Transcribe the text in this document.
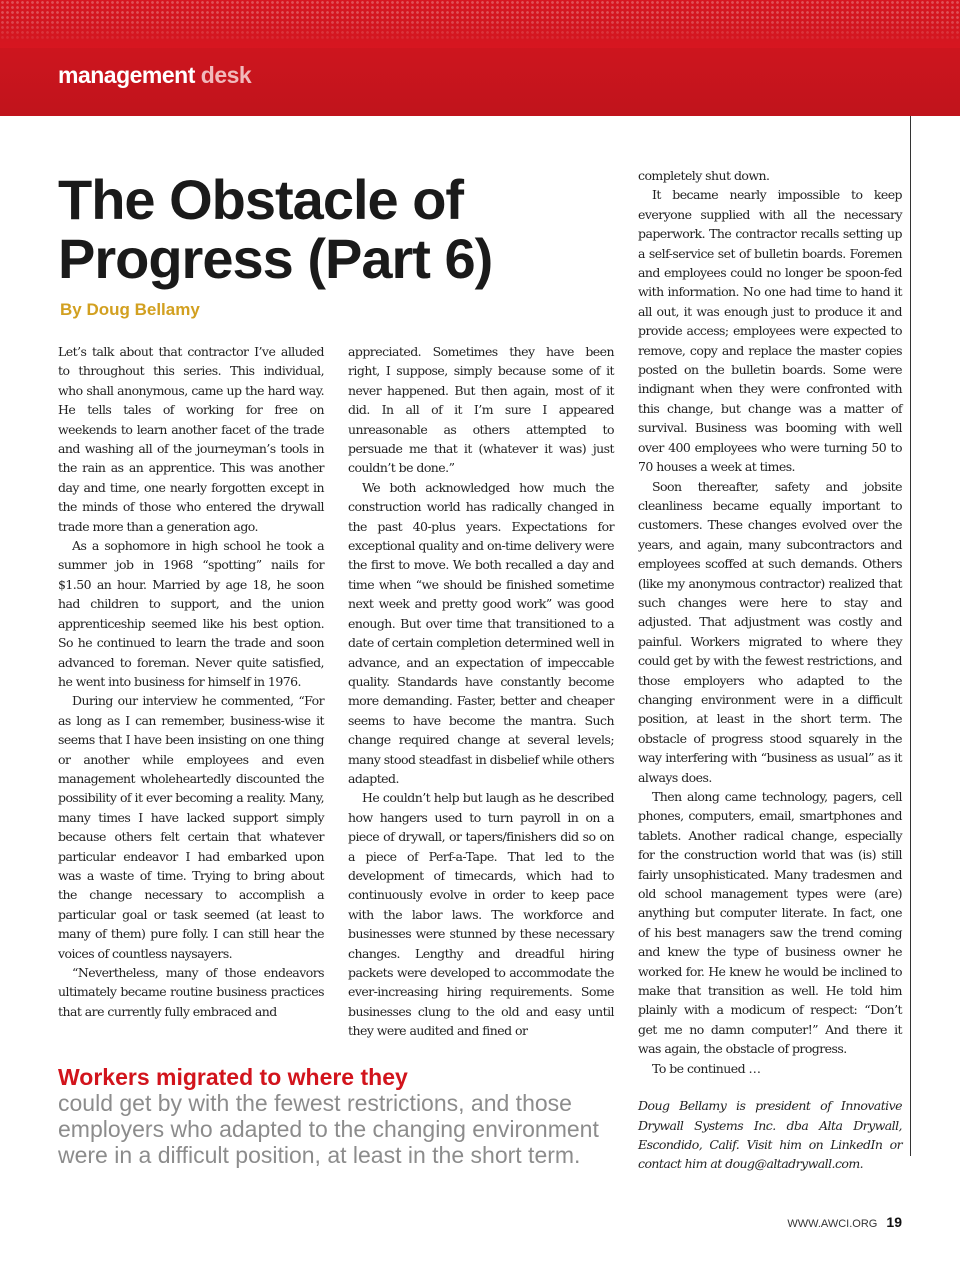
management desk
The Obstacle of Progress (Part 6)
By Doug Bellamy

Let’s talk about that contractor I’ve alluded to throughout this series. This individual, who shall anonymous, came up the hard way. He tells tales of working for free on weekends to learn another facet of the trade and washing all of the journeyman’s tools in the rain as an apprentice. This was another day and time, one nearly forgotten except in the minds of those who entered the drywall trade more than a generation ago.

As a sophomore in high school he took a summer job in 1968 “spotting” nails for $1.50 an hour. Married by age 18, he soon had children to support, and the union apprenticeship seemed like his best option. So he continued to learn the trade and soon advanced to foreman. Never quite satisfied, he went into business for himself in 1976.

During our interview he commented, “For as long as I can remember, business-wise it seems that I have been insisting on one thing or another while employees and even management wholeheartedly discounted the possibility of it ever becoming a reality. Many, many times I have lacked support simply because others felt certain that whatever particular endeavor I had embarked upon was a waste of time. Trying to bring about the change necessary to accomplish a particular goal or task seemed (at least to many of them) pure folly. I can still hear the voices of countless naysayers.

“Nevertheless, many of those endeavors ultimately became routine business practices that are currently fully embraced and

appreciated. Sometimes they have been right, I suppose, simply because some of it never happened. But then again, most of it did. In all of it I’m sure I appeared unreasonable as others attempted to persuade me that it (whatever it was) just couldn’t be done.”

We both acknowledged how much the construction world has radically changed in the past 40-plus years. Expectations for exceptional quality and on-time delivery were the first to move. We both recalled a day and time when “we should be finished sometime next week and pretty good work” was good enough. But over time that transitioned to a date of certain completion determined well in advance, and an expectation of impeccable quality. Standards have constantly become more demanding. Faster, better and cheaper seems to have become the mantra. Such change required change at several levels; many stood steadfast in disbelief while others adapted.

He couldn’t help but laugh as he described how hangers used to turn payroll in on a piece of drywall, or tapers/finishers did so on a piece of Perf-a-Tape. That led to the development of timecards, which had to continuously evolve in order to keep pace with the labor laws. The workforce and businesses were stunned by these necessary changes. Lengthy and dreadful hiring packets were developed to accommodate the ever-increasing hiring requirements. Some businesses clung to the old and easy until they were audited and fined or

completely shut down.

It became nearly impossible to keep everyone supplied with all the necessary paperwork. The contractor recalls setting up a self-service set of bulletin boards. Foremen and employees could no longer be spoon-fed with information. No one had time to hand it all out, it was enough just to produce it and provide access; employees were expected to remove, copy and replace the master copies posted on the bulletin boards. Some were indignant when they were confronted with this change, but change was a matter of survival. Business was booming with well over 400 employees who were turning 50 to 70 houses a week at times.

Soon thereafter, safety and jobsite cleanliness became equally important to customers. These changes evolved over the years, and again, many subcontractors and employees scoffed at such demands. Others (like my anonymous contractor) realized that such changes were here to stay and adjusted. That adjustment was costly and painful. Workers migrated to where they could get by with the fewest restrictions, and those employers who adapted to the changing environment were in a difficult position, at least in the short term. The obstacle of progress stood squarely in the way interfering with “business as usual” as it always does.

Then along came technology, pagers, cell phones, computers, email, smartphones and tablets. Another radical change, especially for the construction world that was (is) still fairly unsophisticated. Many tradesmen and old school management types were (are) anything but computer literate. In fact, one of his best managers saw the trend coming and knew the type of business owner he worked for. He knew he would be inclined to make that transition as well. He told him plainly with a modicum of respect: “Don’t get me no damn computer!” And there it was again, the obstacle of progress.

To be continued …

Doug Bellamy is president of Innovative Drywall Systems Inc. dba Alta Drywall, Escondido, Calif. Visit him on LinkedIn or contact him at doug@altadrywall.com.

Workers migrated to where they
could get by with the fewest restrictions, and those employers who adapted to the changing environment were in a difficult position, at least in the short term.
WWW.AWCI.ORG 19
